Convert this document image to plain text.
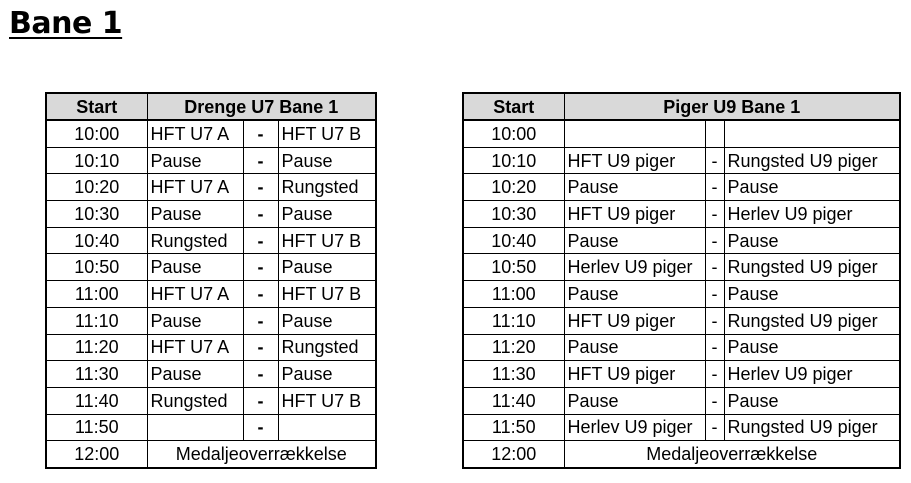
Bane 1
Start	Drenge U7 Bane 1		
10:00	HFT U7 A	-	HFT U7 B
10:10	Pause	-	Pause
10:20	HFT U7 A	-	Rungsted
10:30	Pause	-	Pause
10:40	Rungsted	-	HFT U7 B
10:50	Pause	-	Pause
11:00	HFT U7 A	-	HFT U7 B
11:10	Pause	-	Pause
11:20	HFT U7 A	-	Rungsted
11:30	Pause	-	Pause
11:40	Rungsted	-	HFT U7 B
11:50		-	
12:00	Medaljeoverrækkelse		
Start	Piger U9 Bane 1		
10:00			
10:10	HFT U9 piger	-	Rungsted U9 piger
10:20	Pause	-	Pause
10:30	HFT U9 piger	-	Herlev U9 piger
10:40	Pause	-	Pause
10:50	Herlev U9 piger	-	Rungsted U9 piger
11:00	Pause	-	Pause
11:10	HFT U9 piger	-	Rungsted U9 piger
11:20	Pause	-	Pause
11:30	HFT U9 piger	-	Herlev U9 piger
11:40	Pause	-	Pause
11:50	Herlev U9 piger	-	Rungsted U9 piger
12:00	Medaljeoverrækkelse		
